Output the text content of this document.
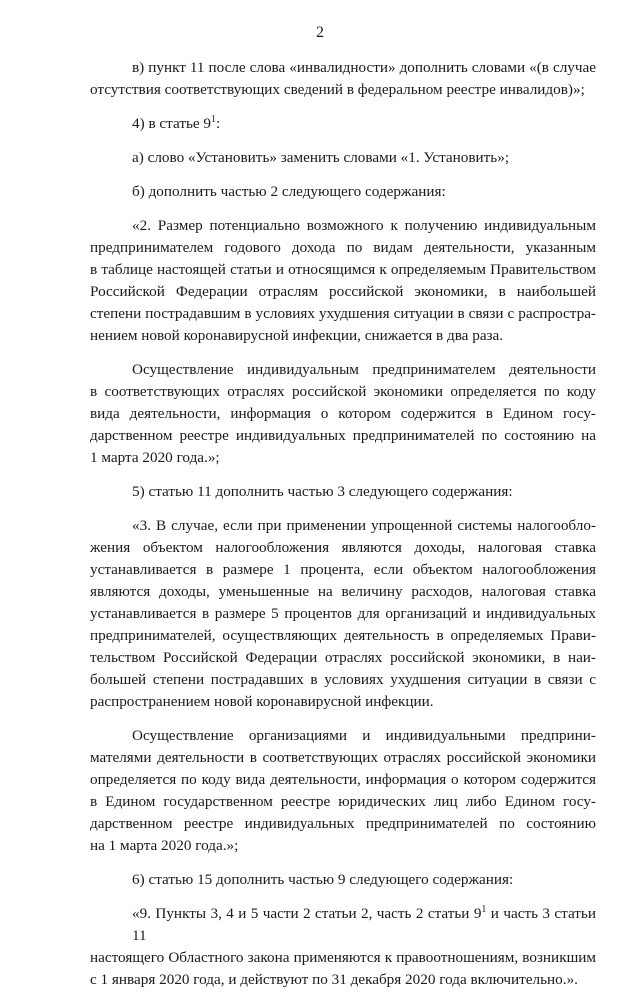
2
в) пункт 11 после слова «инвалидности» дополнить словами «(в случае
отсутствия соответствующих сведений в федеральном реестре инвалидов)»;
4) в статье $9^1$:
а) слово «Установить» заменить словами «1. Установить»;
б) дополнить частью 2 следующего содержания:
«2. Размер потенциально возможного к получению индивидуальным
предпринимателем годового дохода по видам деятельности, указанным
в таблице настоящей статьи и относящимся к определяемым Правительством
Российской Федерации отраслям российской экономики, в наибольшей
степени пострадавшим в условиях ухудшения ситуации в связи с распростра-
нением новой коронавирусной инфекции, снижается в два раза.
Осуществление индивидуальным предпринимателем деятельности
в соответствующих отраслях российской экономики определяется по коду
вида деятельности, информация о котором содержится в Едином госу-
дарственном реестре индивидуальных предпринимателей по состоянию на
1 марта 2020 года.»;
5) статью 11 дополнить частью 3 следующего содержания:
«3. В случае, если при применении упрощенной системы налогообло-
жения объектом налогообложения являются доходы, налоговая ставка
устанавливается в размере 1 процента, если объектом налогообложения
являются доходы, уменьшенные на величину расходов, налоговая ставка
устанавливается в размере 5 процентов для организаций и индивидуальных
предпринимателей, осуществляющих деятельность в определяемых Прави-
тельством Российской Федерации отраслях российской экономики, в наи-
большей степени пострадавших в условиях ухудшения ситуации в связи с
распространением новой коронавирусной инфекции.
Осуществление организациями и индивидуальными предприни-
мателями деятельности в соответствующих отраслях российской экономики
определяется по коду вида деятельности, информация о котором содержится
в Едином государственном реестре юридических лиц либо Едином госу-
дарственном реестре индивидуальных предпринимателей по состоянию
на 1 марта 2020 года.»;
6) статью 15 дополнить частью 9 следующего содержания:
«9. Пункты 3, 4 и 5 части 2 статьи 2, часть 2 статьи $9^1$ и часть 3 статьи 11
настоящего Областного закона применяются к правоотношениям, возникшим
с 1 января 2020 года, и действуют по 31 декабря 2020 года включительно.».
